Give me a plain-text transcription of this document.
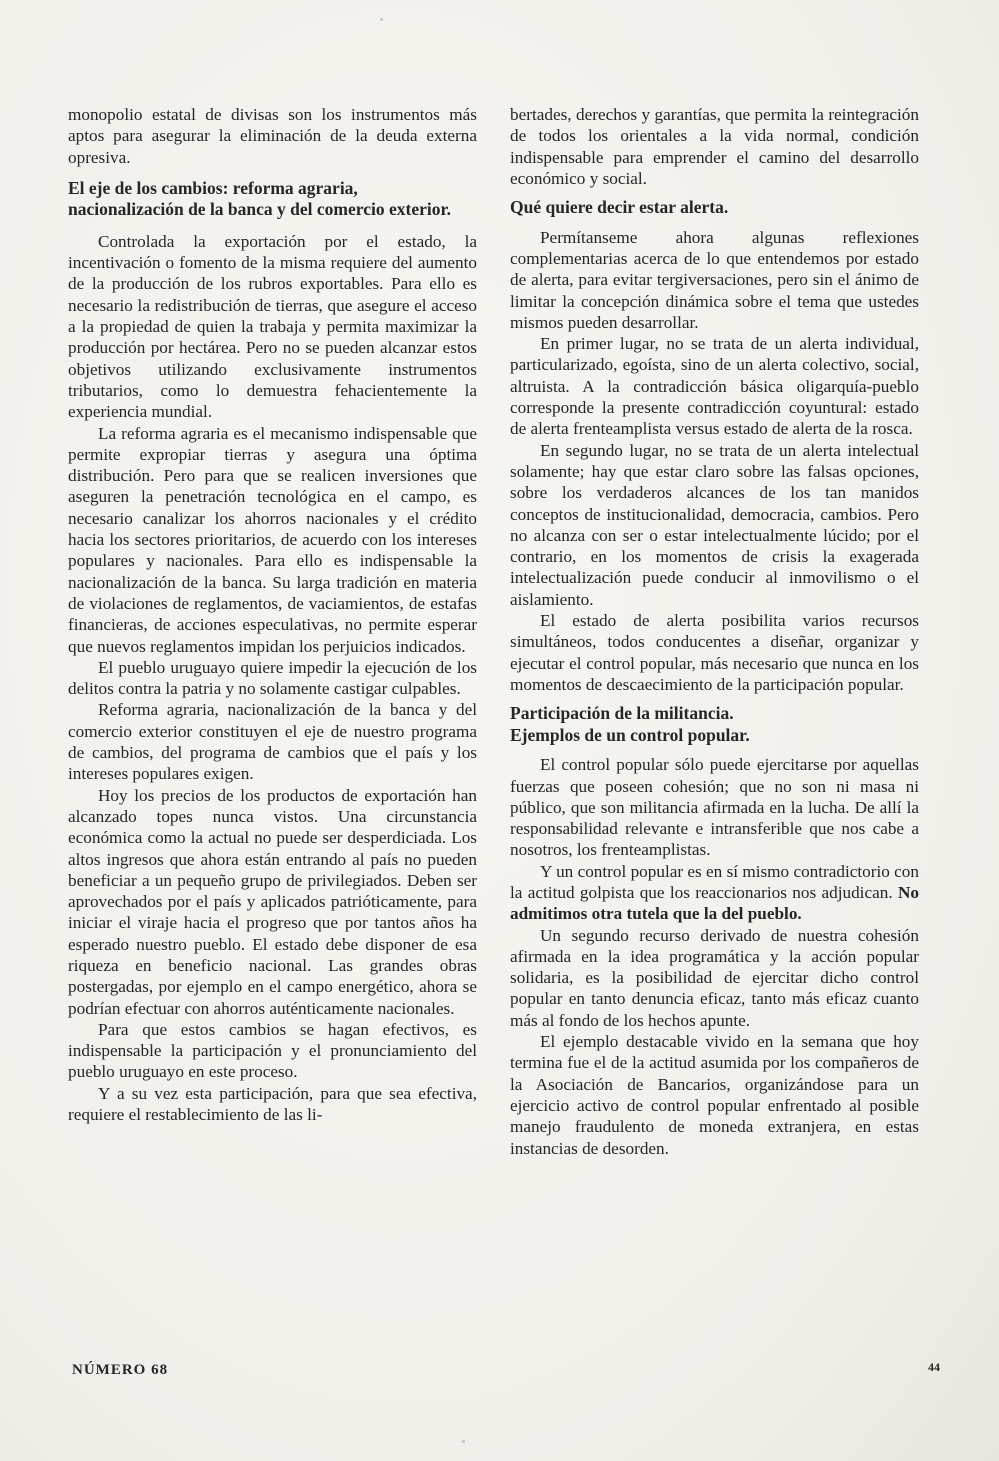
monopolio estatal de divisas son los instrumentos más aptos para asegurar la eliminación de la deuda externa opresiva.

El eje de los cambios: reforma agraria, nacionalización de la banca y del comercio exterior.

Controlada la exportación por el estado, la incentivación o fomento de la misma requiere del aumento de la producción de los rubros exportables. Para ello es necesario la redistribución de tierras, que asegure el acceso a la propiedad de quien la trabaja y permita maximizar la producción por hectárea. Pero no se pueden alcanzar estos objetivos utilizando exclusivamente instrumentos tributarios, como lo demuestra fehacientemente la experiencia mundial.

La reforma agraria es el mecanismo indispensable que permite expropiar tierras y asegura una óptima distribución. Pero para que se realicen inversiones que aseguren la penetración tecnológica en el campo, es necesario canalizar los ahorros nacionales y el crédito hacia los sectores prioritarios, de acuerdo con los intereses populares y nacionales. Para ello es indispensable la nacionalización de la banca. Su larga tradición en materia de violaciones de reglamentos, de vaciamientos, de estafas financieras, de acciones especulativas, no permite esperar que nuevos reglamentos impidan los perjuicios indicados.

El pueblo uruguayo quiere impedir la ejecución de los delitos contra la patria y no solamente castigar culpables.

Reforma agraria, nacionalización de la banca y del comercio exterior constituyen el eje de nuestro programa de cambios, del programa de cambios que el país y los intereses populares exigen.

Hoy los precios de los productos de exportación han alcanzado topes nunca vistos. Una circunstancia económica como la actual no puede ser desperdiciada. Los altos ingresos que ahora están entrando al país no pueden beneficiar a un pequeño grupo de privilegiados. Deben ser aprovechados por el país y aplicados patrióticamente, para iniciar el viraje hacia el progreso que por tantos años ha esperado nuestro pueblo. El estado debe disponer de esa riqueza en beneficio nacional. Las grandes obras postergadas, por ejemplo en el campo energético, ahora se podrían efectuar con ahorros auténticamente nacionales.

Para que estos cambios se hagan efectivos, es indispensable la participación y el pronunciamiento del pueblo uruguayo en este proceso.

Y a su vez esta participación, para que sea efectiva, requiere el restablecimiento de las li-

bertades, derechos y garantías, que permita la reintegración de todos los orientales a la vida normal, condición indispensable para emprender el camino del desarrollo económico y social.

Qué quiere decir estar alerta.

Permítanseme ahora algunas reflexiones complementarias acerca de lo que entendemos por estado de alerta, para evitar tergiversaciones, pero sin el ánimo de limitar la concepción dinámica sobre el tema que ustedes mismos pueden desarrollar.

En primer lugar, no se trata de un alerta individual, particularizado, egoísta, sino de un alerta colectivo, social, altruista. A la contradicción básica oligarquía-pueblo corresponde la presente contradicción coyuntural: estado de alerta frenteamplista versus estado de alerta de la rosca.

En segundo lugar, no se trata de un alerta intelectual solamente; hay que estar claro sobre las falsas opciones, sobre los verdaderos alcances de los tan manidos conceptos de institucionalidad, democracia, cambios. Pero no alcanza con ser o estar intelectualmente lúcido; por el contrario, en los momentos de crisis la exagerada intelectualización puede conducir al inmovilismo o el aislamiento.

El estado de alerta posibilita varios recursos simultáneos, todos conducentes a diseñar, organizar y ejecutar el control popular, más necesario que nunca en los momentos de descaecimiento de la participación popular.

Participación de la militancia.
Ejemplos de un control popular.

El control popular sólo puede ejercitarse por aquellas fuerzas que poseen cohesión; que no son ni masa ni público, que son militancia afirmada en la lucha. De allí la responsabilidad relevante e intransferible que nos cabe a nosotros, los frenteamplistas.

Y un control popular es en sí mismo contradictorio con la actitud golpista que los reaccionarios nos adjudican. No admitimos otra tutela que la del pueblo.

Un segundo recurso derivado de nuestra cohesión afirmada en la idea programática y la acción popular solidaria, es la posibilidad de ejercitar dicho control popular en tanto denuncia eficaz, tanto más eficaz cuanto más al fondo de los hechos apunte.

El ejemplo destacable vivido en la semana que hoy termina fue el de la actitud asumida por los compañeros de la Asociación de Bancarios, organizándose para un ejercicio activo de control popular enfrentado al posible manejo fraudulento de moneda extranjera, en estas instancias de desorden.

NÚMERO 68	44
